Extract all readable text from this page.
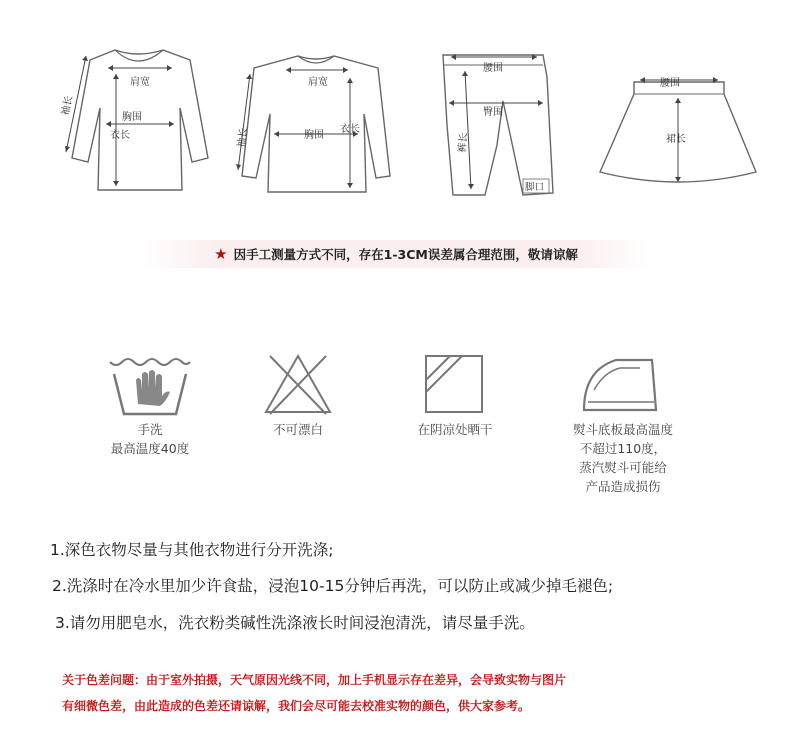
肩宽
胸围
衣长
袖长
肩宽
胸围
衣长
袖长
腰围
臀围
裤长
脚口
腰围
裙长
★ 因手工测量方式不同，存在1-3CM误差属合理范围，敬请谅解
手洗
最高温度40度
不可漂白	在阴凉处晒干	熨斗底板最高温度
不超过110度，
蒸汽熨斗可能给
产品造成损伤
1.深色衣物尽量与其他衣物进行分开洗涤;
2.洗涤时在冷水里加少许食盐，浸泡10-15分钟后再洗，可以防止或减少掉毛褪色;
3.请勿用肥皂水，洗衣粉类碱性洗涤液长时间浸泡清洗，请尽量手洗。
关于色差问题：由于室外拍摄，天气原因光线不同，加上手机显示存在差异，会导致实物与图片
有细微色差，由此造成的色差还请谅解，我们会尽可能去校准实物的颜色，供大家参考。
